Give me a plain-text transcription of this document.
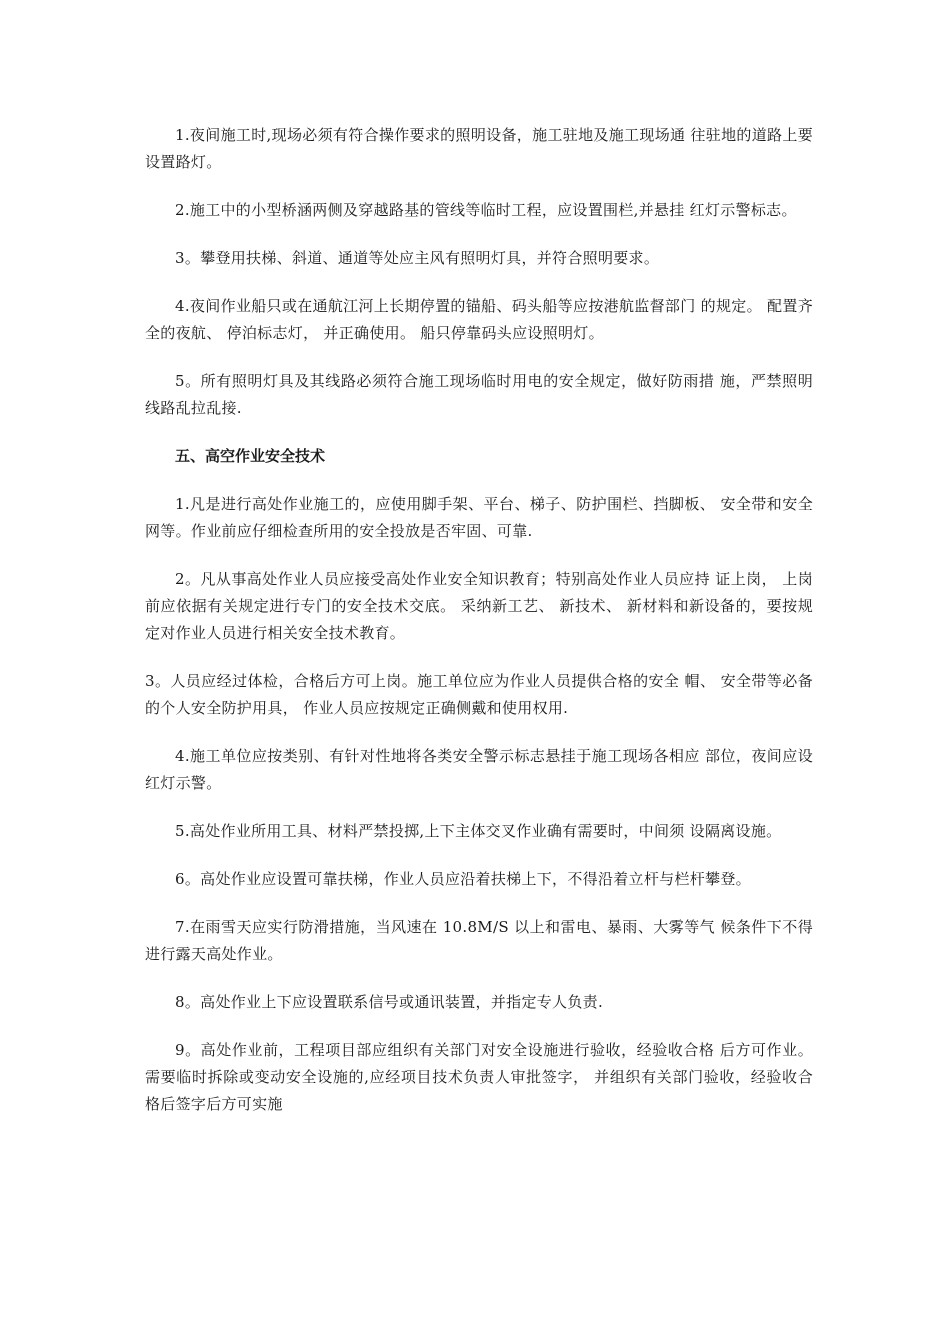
1.夜间施工时,现场必须有符合操作要求的照明设备，施工驻地及施工现场通 往驻地的道路上要设置路灯。

2.施工中的小型桥涵两侧及穿越路基的管线等临时工程，应设置围栏,并悬挂 红灯示警标志。

3。攀登用扶梯、斜道、通道等处应主风有照明灯具，并符合照明要求。

4.夜间作业船只或在通航江河上长期停置的锚船、码头船等应按港航监督部门 的规定。 配置齐全的夜航、 停泊标志灯， 并正确使用。 船只停靠码头应设照明灯。

5。所有照明灯具及其线路必须符合施工现场临时用电的安全规定，做好防雨措 施，严禁照明线路乱拉乱接.

五、高空作业安全技术

1.凡是进行高处作业施工的，应使用脚手架、平台、梯子、防护围栏、挡脚板、 安全带和安全网等。作业前应仔细检查所用的安全投放是否牢固、可靠.

2。凡从事高处作业人员应接受高处作业安全知识教育；特别高处作业人员应持 证上岗， 上岗前应依据有关规定进行专门的安全技术交底。 采纳新工艺、 新技术、 新材料和新设备的，要按规定对作业人员进行相关安全技术教育。

3。人员应经过体检，合格后方可上岗。施工单位应为作业人员提供合格的安全 帽、 安全带等必备的个人安全防护用具， 作业人员应按规定正确侧戴和使用权用.

4.施工单位应按类别、有针对性地将各类安全警示标志悬挂于施工现场各相应 部位，夜间应设红灯示警。

5.高处作业所用工具、材料严禁投掷,上下主体交叉作业确有需要时，中间须 设隔离设施。

6。高处作业应设置可靠扶梯，作业人员应沿着扶梯上下，不得沿着立杆与栏杆攀登。

7.在雨雪天应实行防滑措施，当风速在 10.8M/S 以上和雷电、暴雨、大雾等气 候条件下不得进行露天高处作业。

8。高处作业上下应设置联系信号或通讯装置，并指定专人负责.

9。高处作业前，工程项目部应组织有关部门对安全设施进行验收，经验收合格 后方可作业。需要临时拆除或变动安全设施的,应经项目技术负责人审批签字， 并组织有关部门验收，经验收合格后签字后方可实施
